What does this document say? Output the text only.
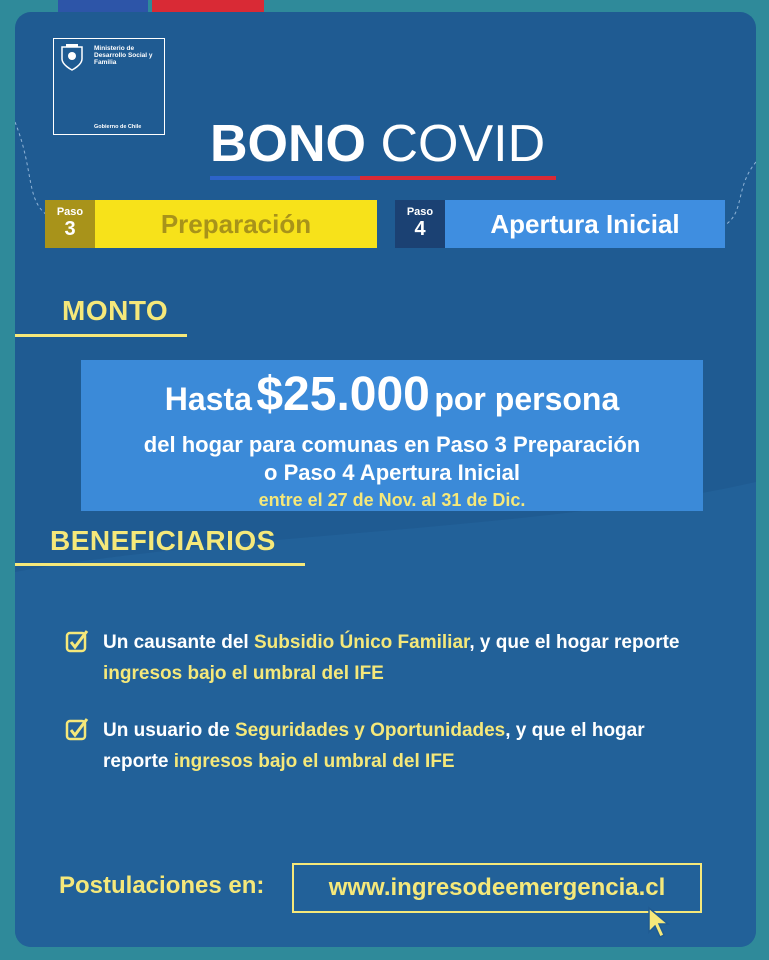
Ministerio de Desarrollo Social y Familia
Gobierno de Chile	BONO COVID
Paso
3	Preparación	Paso
4	Apertura Inicial
MONTO
Hasta $25.000 por persona
del hogar para comunas en Paso 3 Preparación
o Paso 4 Apertura Inicial
entre el 27 de Nov. al 31 de Dic.
BENEFICIARIOS
Un causante del Subsidio Único Familiar, y que el hogar reporte ingresos bajo el umbral del IFE
Un usuario de Seguridades y Oportunidades, y que el hogar reporte ingresos bajo el umbral del IFE
Postulaciones en:	www.ingresodeemergencia.cl
